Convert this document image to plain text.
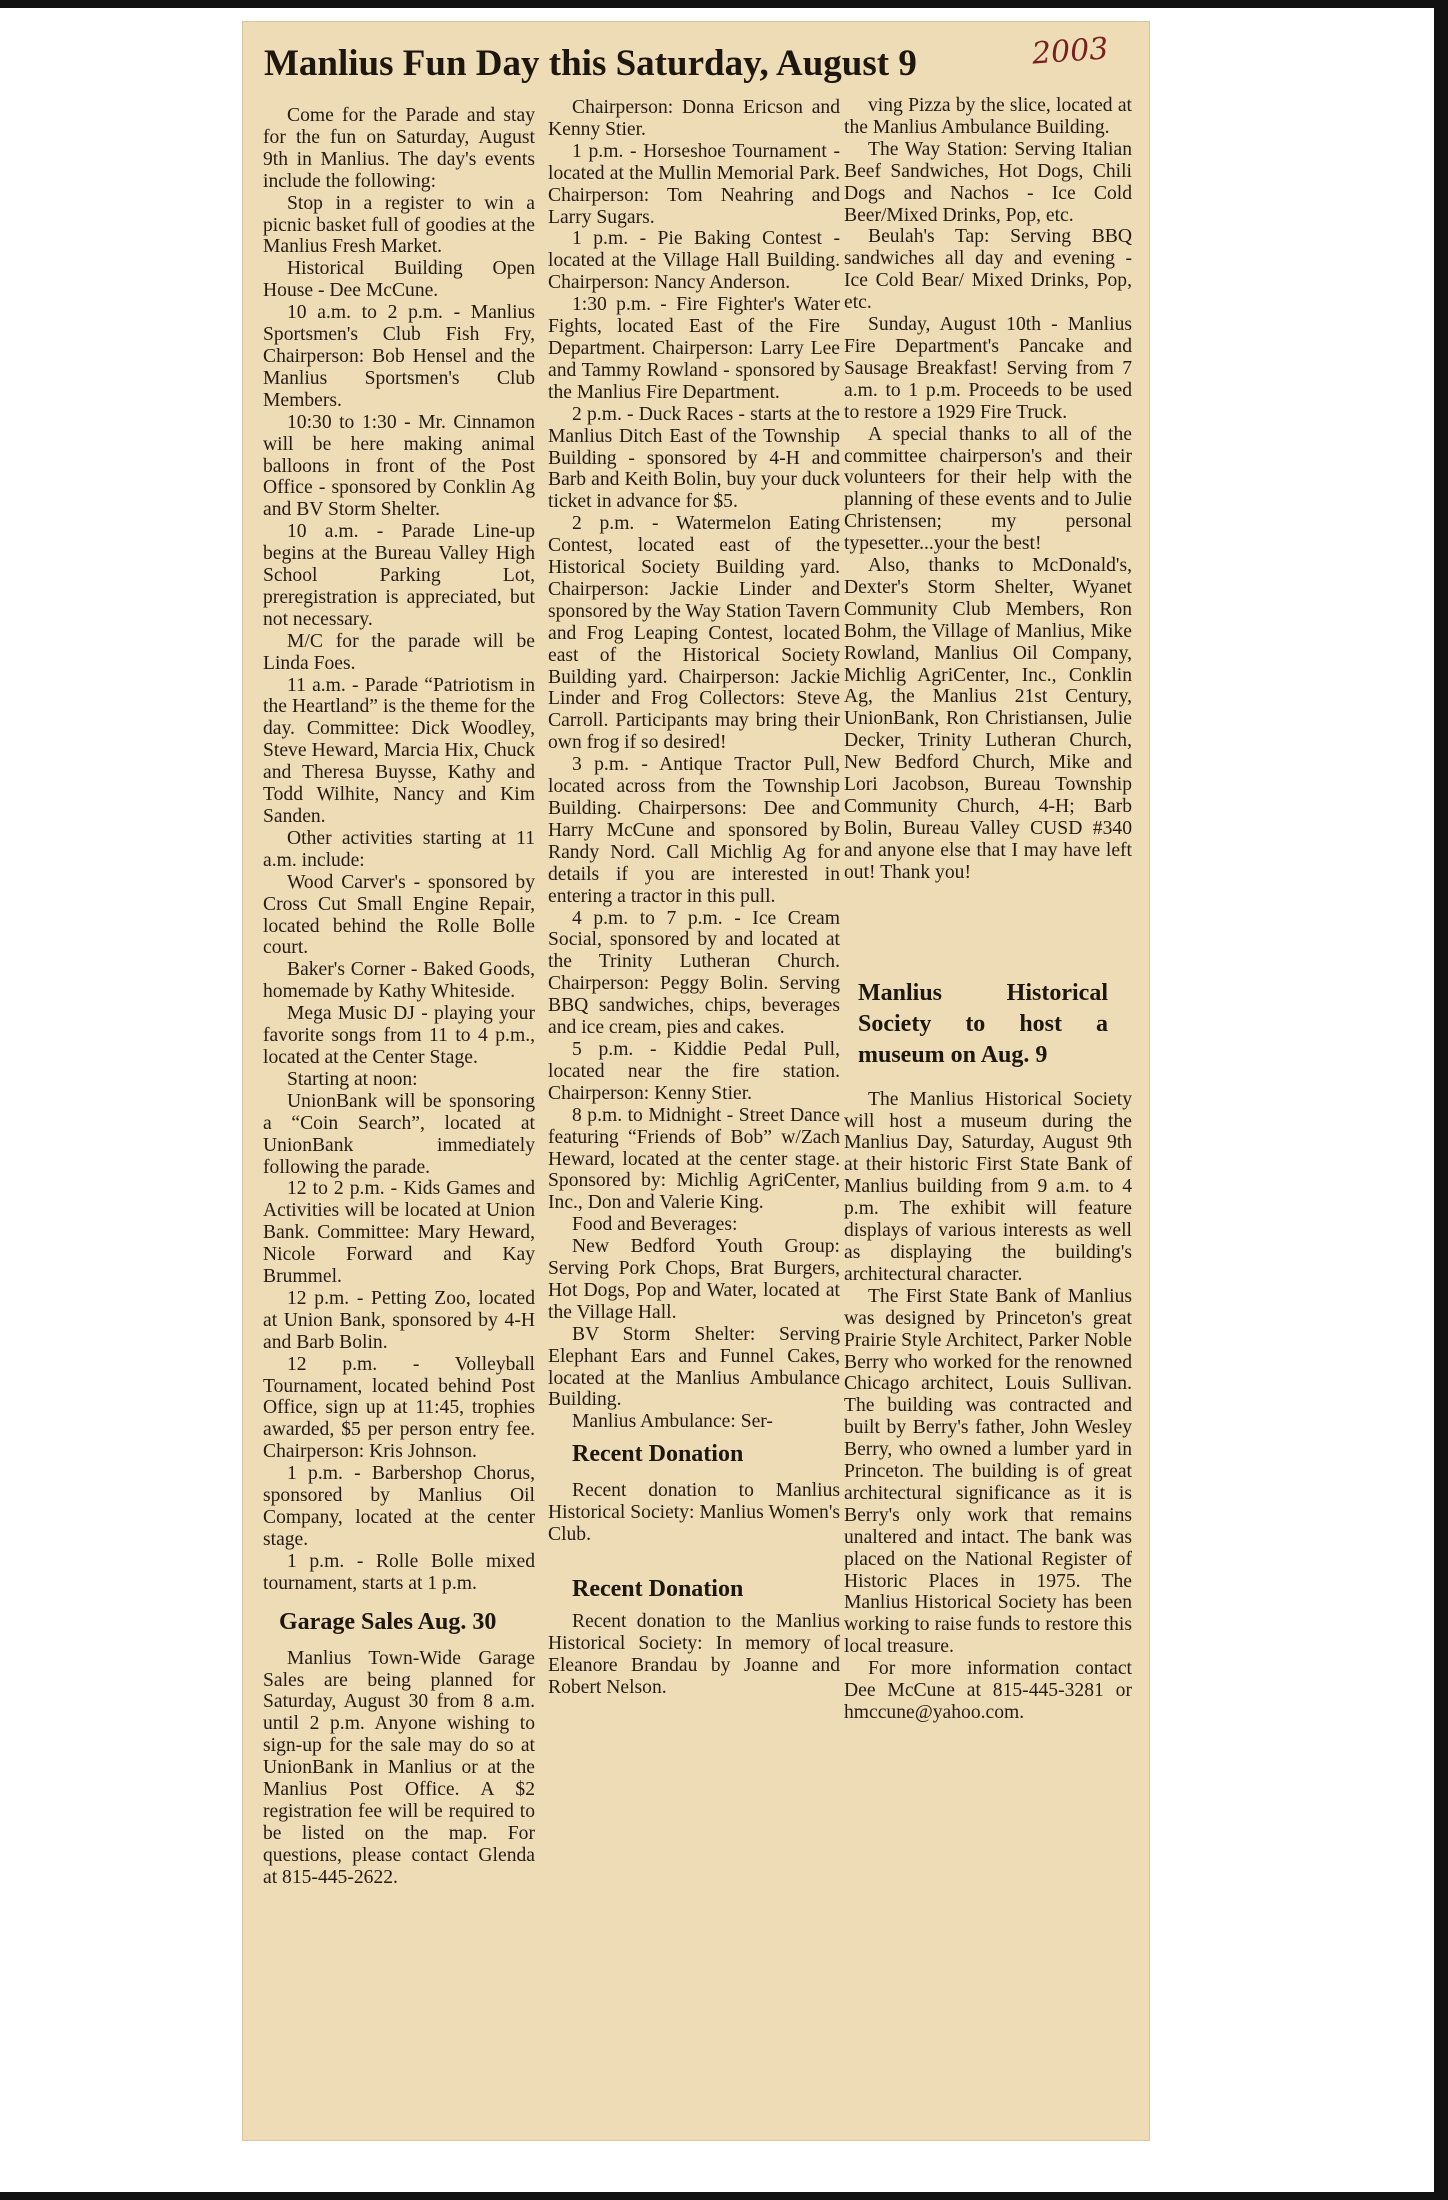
Manlius Fun Day this Saturday, August 9	2003

Come for the Parade and stay for the fun on Saturday, August 9th in Manlius. The day's events include the following:

Stop in a register to win a picnic basket full of goodies at the Manlius Fresh Market.

Historical Building Open House - Dee McCune.

10 a.m. to 2 p.m. - Manlius Sportsmen's Club Fish Fry, Chairperson: Bob Hensel and the Manlius Sportsmen's Club Members.

10:30 to 1:30 - Mr. Cinnamon will be here making animal balloons in front of the Post Office - sponsored by Conklin Ag and BV Storm Shelter.

10 a.m. - Parade Line-up begins at the Bureau Valley High School Parking Lot, preregistration is appreciated, but not necessary.

M/C for the parade will be Linda Foes.

11 a.m. - Parade “Patriotism in the Heartland” is the theme for the day. Committee: Dick Woodley, Steve Heward, Marcia Hix, Chuck and Theresa Buysse, Kathy and Todd Wilhite, Nancy and Kim Sanden.

Other activities starting at 11 a.m. include:

Wood Carver's - sponsored by Cross Cut Small Engine Repair, located behind the Rolle Bolle court.

Baker's Corner - Baked Goods, homemade by Kathy Whiteside.

Mega Music DJ - playing your favorite songs from 11 to 4 p.m., located at the Center Stage.

Starting at noon:

UnionBank will be sponsoring a “Coin Search”, located at UnionBank immediately following the parade.

12 to 2 p.m. - Kids Games and Activities will be located at Union Bank. Committee: Mary Heward, Nicole Forward and Kay Brummel.

12 p.m. - Petting Zoo, located at Union Bank, sponsored by 4-H and Barb Bolin.

12 p.m. - Volleyball Tournament, located behind Post Office, sign up at 11:45, trophies awarded, $5 per person entry fee. Chairperson: Kris Johnson.

1 p.m. - Barbershop Chorus, sponsored by Manlius Oil Company, located at the center stage.

1 p.m. - Rolle Bolle mixed tournament, starts at 1 p.m.

Garage Sales Aug. 30

Manlius Town-Wide Garage Sales are being planned for Saturday, August 30 from 8 a.m. until 2 p.m. Anyone wishing to sign-up for the sale may do so at UnionBank in Manlius or at the Manlius Post Office. A $2 registration fee will be required to be listed on the map. For questions, please contact Glenda at 815-445-2622.

Chairperson: Donna Ericson and Kenny Stier.

1 p.m. - Horseshoe Tournament - located at the Mullin Memorial Park. Chairperson: Tom Neahring and Larry Sugars.

1 p.m. - Pie Baking Contest - located at the Village Hall Building. Chairperson: Nancy Anderson.

1:30 p.m. - Fire Fighter's Water Fights, located East of the Fire Department. Chairperson: Larry Lee and Tammy Rowland - sponsored by the Manlius Fire Department.

2 p.m. - Duck Races - starts at the Manlius Ditch East of the Township Building - sponsored by 4-H and Barb and Keith Bolin, buy your duck ticket in advance for $5.

2 p.m. - Watermelon Eating Contest, located east of the Historical Society Building yard. Chairperson: Jackie Linder and sponsored by the Way Station Tavern and Frog Leaping Contest, located east of the Historical Society Building yard. Chairperson: Jackie Linder and Frog Collectors: Steve Carroll. Participants may bring their own frog if so desired!

3 p.m. - Antique Tractor Pull, located across from the Township Building. Chairpersons: Dee and Harry McCune and sponsored by Randy Nord. Call Michlig Ag for details if you are interested in entering a tractor in this pull.

4 p.m. to 7 p.m. - Ice Cream Social, sponsored by and located at the Trinity Lutheran Church. Chairperson: Peggy Bolin. Serving BBQ sandwiches, chips, beverages and ice cream, pies and cakes.

5 p.m. - Kiddie Pedal Pull, located near the fire station. Chairperson: Kenny Stier.

8 p.m. to Midnight - Street Dance featuring “Friends of Bob” w/Zach Heward, located at the center stage. Sponsored by: Michlig AgriCenter, Inc., Don and Valerie King.

Food and Beverages:

New Bedford Youth Group: Serving Pork Chops, Brat Burgers, Hot Dogs, Pop and Water, located at the Village Hall.

BV Storm Shelter: Serving Elephant Ears and Funnel Cakes, located at the Manlius Ambulance Building.

Manlius Ambulance: Ser-

Recent Donation

Recent donation to Manlius Historical Society: Manlius Women's Club.

Recent Donation

Recent donation to the Manlius Historical Society: In memory of Eleanore Brandau by Joanne and Robert Nelson.

ving Pizza by the slice, located at the Manlius Ambulance Building.

The Way Station: Serving Italian Beef Sandwiches, Hot Dogs, Chili Dogs and Nachos - Ice Cold Beer/Mixed Drinks, Pop, etc.

Beulah's Tap: Serving BBQ sandwiches all day and evening - Ice Cold Bear/ Mixed Drinks, Pop, etc.

Sunday, August 10th - Manlius Fire Department's Pancake and Sausage Breakfast! Serving from 7 a.m. to 1 p.m. Proceeds to be used to restore a 1929 Fire Truck.

A special thanks to all of the committee chairperson's and their volunteers for their help with the planning of these events and to Julie Christensen; my personal typesetter...your the best!

Also, thanks to McDonald's, Dexter's Storm Shelter, Wyanet Community Club Members, Ron Bohm, the Village of Manlius, Mike Rowland, Manlius Oil Company, Michlig AgriCenter, Inc., Conklin Ag, the Manlius 21st Century, UnionBank, Ron Christiansen, Julie Decker, Trinity Lutheran Church, New Bedford Church, Mike and Lori Jacobson, Bureau Township Community Church, 4-H; Barb Bolin, Bureau Valley CUSD #340 and anyone else that I may have left out! Thank you!

Manlius Historical Society to host a museum on Aug. 9

The Manlius Historical Society will host a museum during the Manlius Day, Saturday, August 9th at their historic First State Bank of Manlius building from 9 a.m. to 4 p.m. The exhibit will feature displays of various interests as well as displaying the building's architectural character.

The First State Bank of Manlius was designed by Princeton's great Prairie Style Architect, Parker Noble Berry who worked for the renowned Chicago architect, Louis Sullivan. The building was contracted and built by Berry's father, John Wesley Berry, who owned a lumber yard in Princeton. The building is of great architectural significance as it is Berry's only work that remains unaltered and intact. The bank was placed on the National Register of Historic Places in 1975. The Manlius Historical Society has been working to raise funds to restore this local treasure.

For more information contact Dee McCune at 815-445-3281 or hmccune@yahoo.com.
